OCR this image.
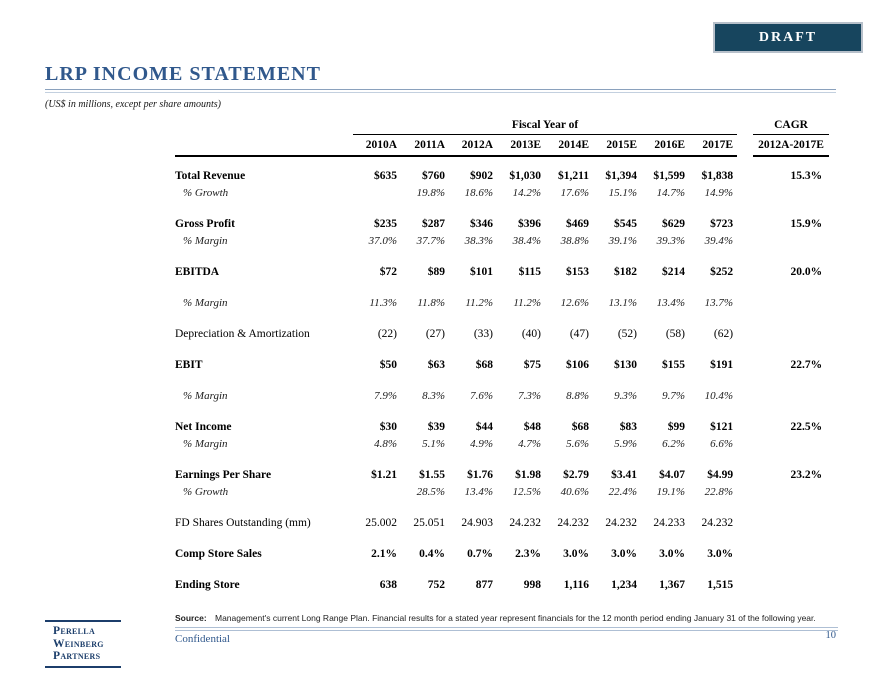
DRAFT
LRP INCOME STATEMENT
(US$ in millions, except per share amounts)
	Fiscal Year of									CAGR
	2010A	2011A	2012A	2013E	2014E	2015E	2016E	2017E		2012A-2017E
Total Revenue	$635	$760	$902	$1,030	$1,211	$1,394	$1,599	$1,838		15.3%
% Growth		19.8%	18.6%	14.2%	17.6%	15.1%	14.7%	14.9%		
Gross Profit	$235	$287	$346	$396	$469	$545	$629	$723		15.9%
% Margin	37.0%	37.7%	38.3%	38.4%	38.8%	39.1%	39.3%	39.4%		
EBITDA	$72	$89	$101	$115	$153	$182	$214	$252		20.0%
% Margin	11.3%	11.8%	11.2%	11.2%	12.6%	13.1%	13.4%	13.7%		
Depreciation & Amortization	(22)	(27)	(33)	(40)	(47)	(52)	(58)	(62)		
EBIT	$50	$63	$68	$75	$106	$130	$155	$191		22.7%
% Margin	7.9%	8.3%	7.6%	7.3%	8.8%	9.3%	9.7%	10.4%		
Net Income	$30	$39	$44	$48	$68	$83	$99	$121		22.5%
% Margin	4.8%	5.1%	4.9%	4.7%	5.6%	5.9%	6.2%	6.6%		
Earnings Per Share	$1.21	$1.55	$1.76	$1.98	$2.79	$3.41	$4.07	$4.99		23.2%
% Growth		28.5%	13.4%	12.5%	40.6%	22.4%	19.1%	22.8%		
FD Shares Outstanding (mm)	25.002	25.051	24.903	24.232	24.232	24.232	24.233	24.232		
Comp Store Sales	2.1%	0.4%	0.7%	2.3%	3.0%	3.0%	3.0%	3.0%		
Ending Store	638	752	877	998	1,116	1,234	1,367	1,515		
Source: Management's current Long Range Plan. Financial results for a stated year represent financials for the 12 month period ending January 31 of the following year.
Confidential	10
Perella
Weinberg
Partners
